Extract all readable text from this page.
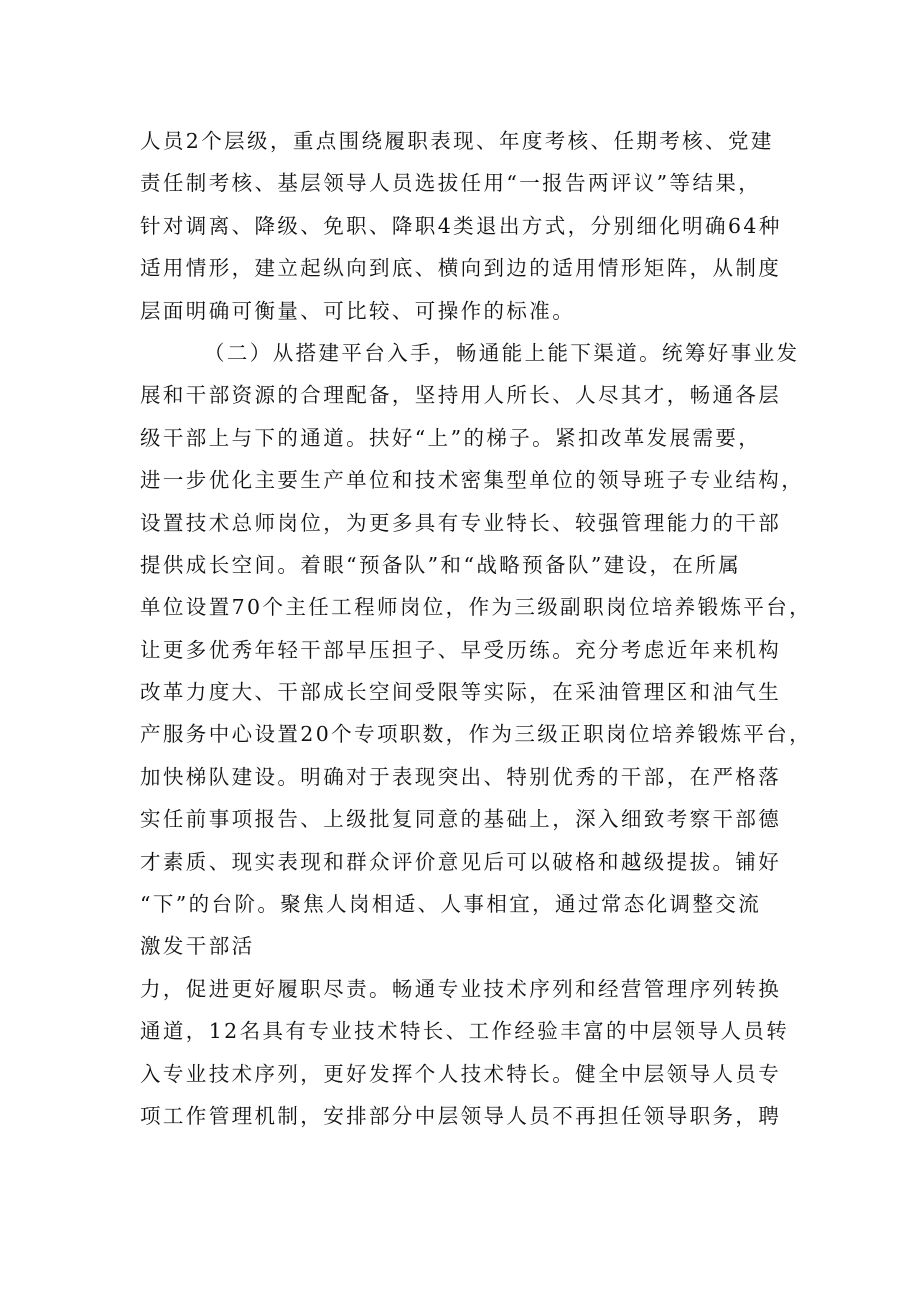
人员2个层级，重点围绕履职表现、年度考核、任期考核、党建
责任制考核、基层领导人员选拔任用“一报告两评议”等结果，
针对调离、降级、免职、降职4类退出方式，分别细化明确64种
适用情形，建立起纵向到底、横向到边的适用情形矩阵，从制度
层面明确可衡量、可比较、可操作的标准。
（二）从搭建平台入手，畅通能上能下渠道。统筹好事业发
展和干部资源的合理配备，坚持用人所长、人尽其才，畅通各层
级干部上与下的通道。扶好“上”的梯子。紧扣改革发展需要，
进一步优化主要生产单位和技术密集型单位的领导班子专业结构，
设置技术总师岗位，为更多具有专业特长、较强管理能力的干部
提供成长空间。着眼“预备队”和“战略预备队”建设，在所属
单位设置70个主任工程师岗位，作为三级副职岗位培养锻炼平台，
让更多优秀年轻干部早压担子、早受历练。充分考虑近年来机构
改革力度大、干部成长空间受限等实际，在采油管理区和油气生
产服务中心设置20个专项职数，作为三级正职岗位培养锻炼平台，
加快梯队建设。明确对于表现突出、特别优秀的干部，在严格落
实任前事项报告、上级批复同意的基础上，深入细致考察干部德
才素质、现实表现和群众评价意见后可以破格和越级提拔。铺好
“下”的台阶。聚焦人岗相适、人事相宜，通过常态化调整交流
激发干部活
力，促进更好履职尽责。畅通专业技术序列和经营管理序列转换
通道，12名具有专业技术特长、工作经验丰富的中层领导人员转
入专业技术序列，更好发挥个人技术特长。健全中层领导人员专
项工作管理机制，安排部分中层领导人员不再担任领导职务，聘
